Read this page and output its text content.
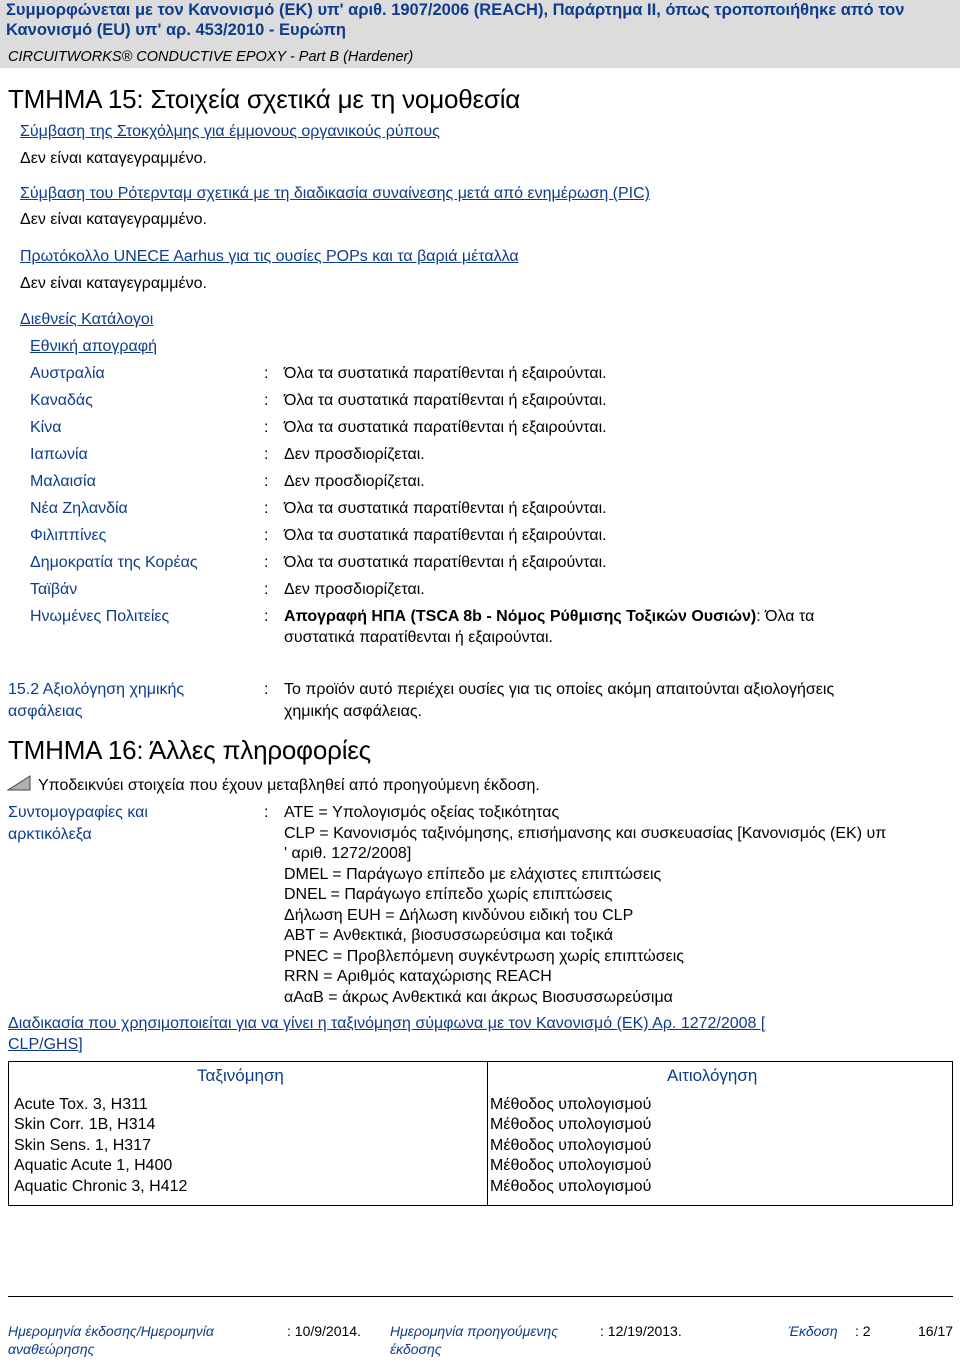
Συμμορφώνεται με τον Κανονισμό (ΕΚ) υπ' αριθ. 1907/2006 (REACH), Παράρτημα II, όπως τροποποιήθηκε από τον Κανονισμό (EU) υπ' αρ. 453/2010 - Ευρώπη
CIRCUITWORKS® CONDUCTIVE EPOXY - Part B (Hardener)
ΤΜΗΜΑ 15: Στοιχεία σχετικά με τη νομοθεσία
Σύμβαση της Στοκχόλμης για έμμονους οργανικούς ρύπους
Δεν είναι καταγεγραμμένο.
Σύμβαση του Ρότερνταμ σχετικά με τη διαδικασία συναίνεσης μετά από ενημέρωση (PIC)
Δεν είναι καταγεγραμμένο.
Πρωτόκολλο UNECE Aarhus για τις ουσίες POPs και τα βαριά μέταλλα
Δεν είναι καταγεγραμμένο.
Διεθνείς Κατάλογοι
Εθνική απογραφή
Αυστραλία	: Όλα τα συστατικά παρατίθενται ή εξαιρούνται.
Καναδάς	: Όλα τα συστατικά παρατίθενται ή εξαιρούνται.
Κίνα	: Όλα τα συστατικά παρατίθενται ή εξαιρούνται.
Ιαπωνία	: Δεν προσδιορίζεται.
Μαλαισία	: Δεν προσδιορίζεται.
Νέα Ζηλανδία	: Όλα τα συστατικά παρατίθενται ή εξαιρούνται.
Φιλιππίνες	: Όλα τα συστατικά παρατίθενται ή εξαιρούνται.
Δημοκρατία της Κορέας	: Όλα τα συστατικά παρατίθενται ή εξαιρούνται.
Ταϊβάν	: Δεν προσδιορίζεται.
Ηνωμένες Πολιτείες	: Απογραφή ΗΠΑ (TSCA 8b - Νόμος Ρύθμισης Τοξικών Ουσιών): Όλα τα
συστατικά παρατίθενται ή εξαιρούνται.
15.2 Αξιολόγηση χημικής
ασφάλειας
: Το προϊόν αυτό περιέχει ουσίες για τις οποίες ακόμη απαιτούνται αξιολογήσεις
χημικής ασφάλειας.
ΤΜΗΜΑ 16: Άλλες πληροφορίες
Υποδεικνύει στοιχεία που έχουν μεταβληθεί από προηγούμενη έκδοση.
Συντομογραφίες και
αρκτικόλεξα
: ATE = Υπολογισμός οξείας τοξικότητας
CLP = Κανονισμός ταξινόμησης, επισήμανσης και συσκευασίας [Κανονισμός (ΕΚ) υπ
' αριθ. 1272/2008]
DMEL = Παράγωγο επίπεδο με ελάχιστες επιπτώσεις
DNEL = Παράγωγο επίπεδο χωρίς επιπτώσεις
Δήλωση EUH = Δήλωση κινδύνου ειδική του CLP
ABT = Ανθεκτικά, βιοσυσσωρεύσιμα και τοξικά
PNEC = Προβλεπόμενη συγκέντρωση χωρίς επιπτώσεις
RRN = Αριθμός καταχώρισης REACH
αΑαΒ = άκρως Ανθεκτικά και άκρως Βιοσυσσωρεύσιμα
Διαδικασία που χρησιμοποιείται για να γίνει η ταξινόμηση σύμφωνα με τον Κανονισμό (ΕΚ) Αρ. 1272/2008 [
CLP/GHS]
Ταξινόμηση	Αιτιολόγηση
Acute Tox. 3, H311	Μέθοδος υπολογισμού
Skin Corr. 1B, H314	Μέθοδος υπολογισμού
Skin Sens. 1, H317	Μέθοδος υπολογισμού
Aquatic Acute 1, H400	Μέθοδος υπολογισμού
Aquatic Chronic 3, H412	Μέθοδος υπολογισμού
Ημερομηνία έκδοσης/Ημερομηνία
αναθεώρησης
: 10/9/2014. Ημερομηνία προηγούμενης
έκδοσης
: 12/19/2013.	Έκδοση : 2	16/17
